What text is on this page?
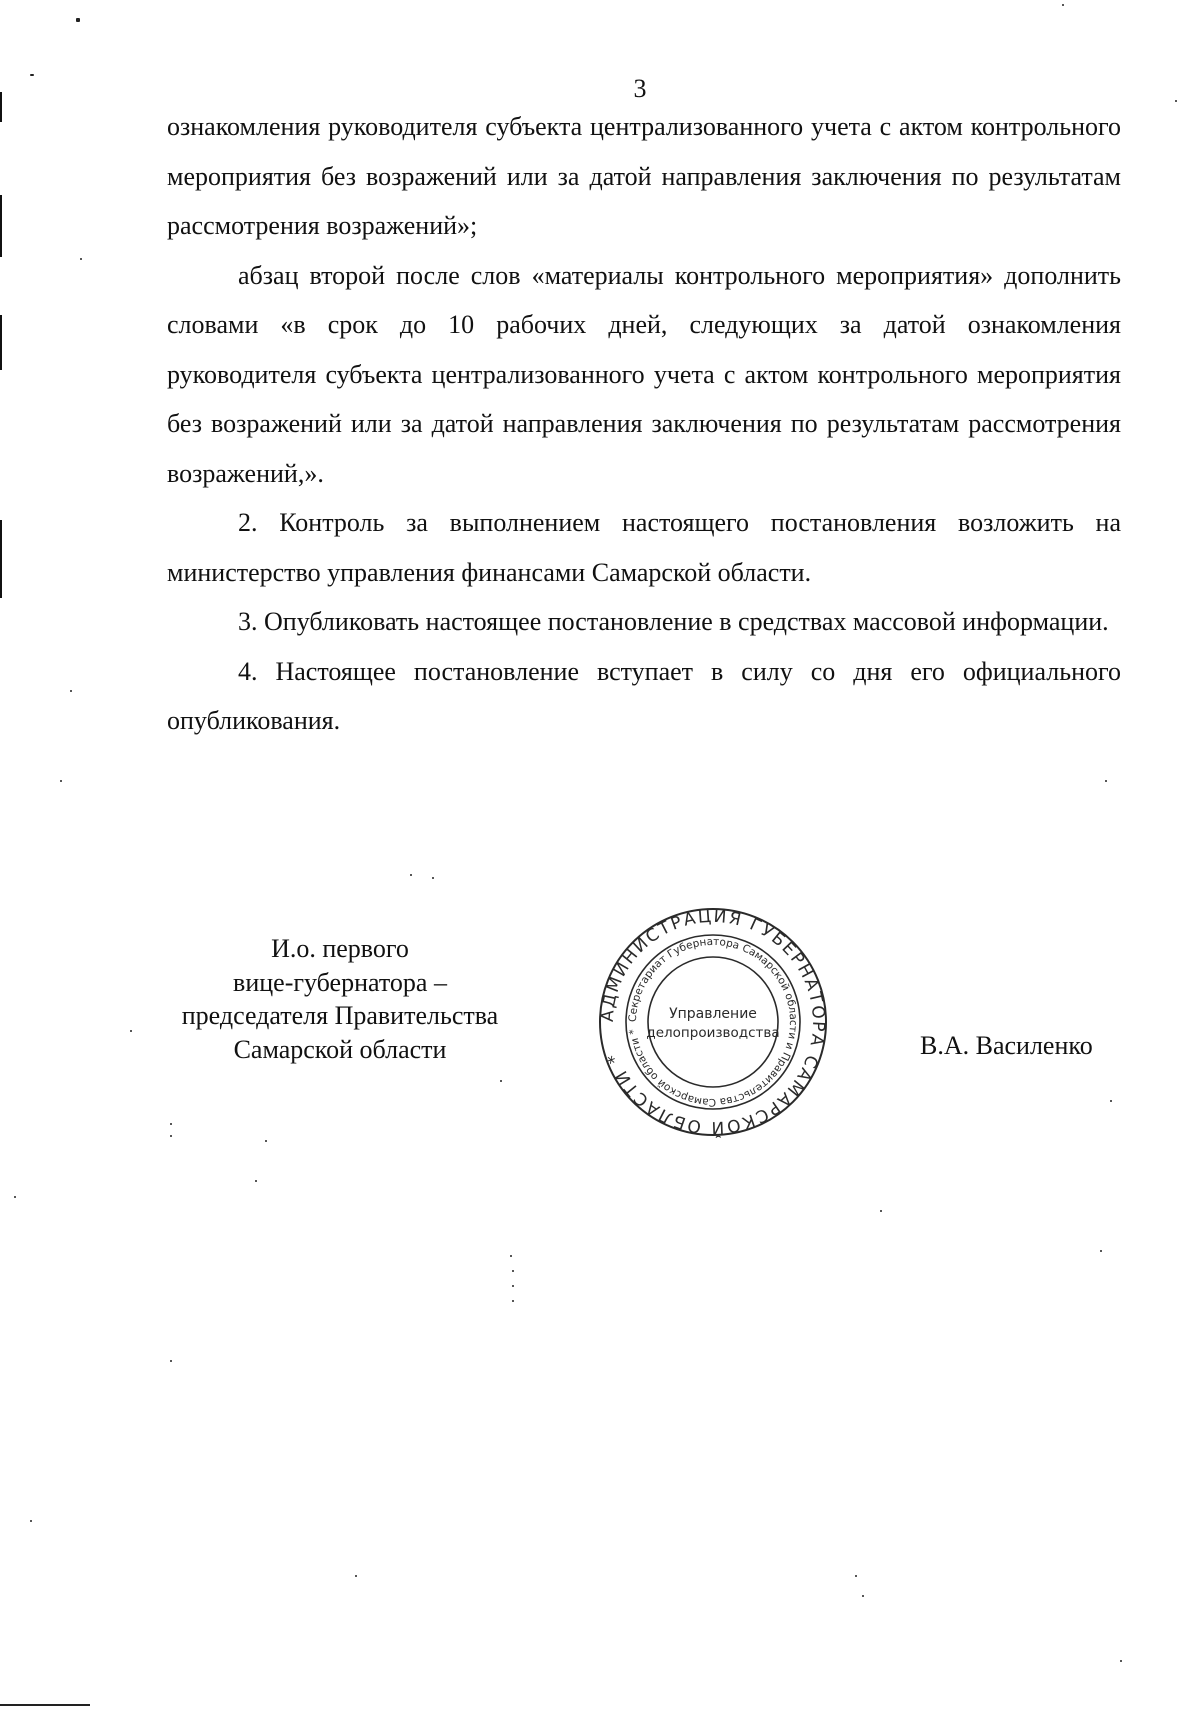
3

ознакомления руководителя субъекта централизованного учета с актом контрольного мероприятия без возражений или за датой направления заключения по результатам рассмотрения возражений»;

абзац второй после слов «материалы контрольного мероприятия» дополнить словами «в срок до 10 рабочих дней, следующих за датой ознакомления руководителя субъекта централизованного учета с актом контрольного мероприятия без возражений или за датой направления заключения по результатам рассмотрения возражений,».

2. Контроль за выполнением настоящего постановления возложить на министерство управления финансами Самарской области.

3. Опубликовать настоящее постановление в средствах массовой информации.

4. Настоящее постановление вступает в силу со дня его официального опубликования.

И.о. первого
вице-губернатора –
председателя Правительства
Самарской области
АДМИНИСТРАЦИЯ ГУБЕРНАТОРА САМАРСКОЙ ОБЛАСТИ *
Секретариат Губернатора Самарской области и Правительства Самарской области *
Управление
делопроизводства	В.А. Василенко
